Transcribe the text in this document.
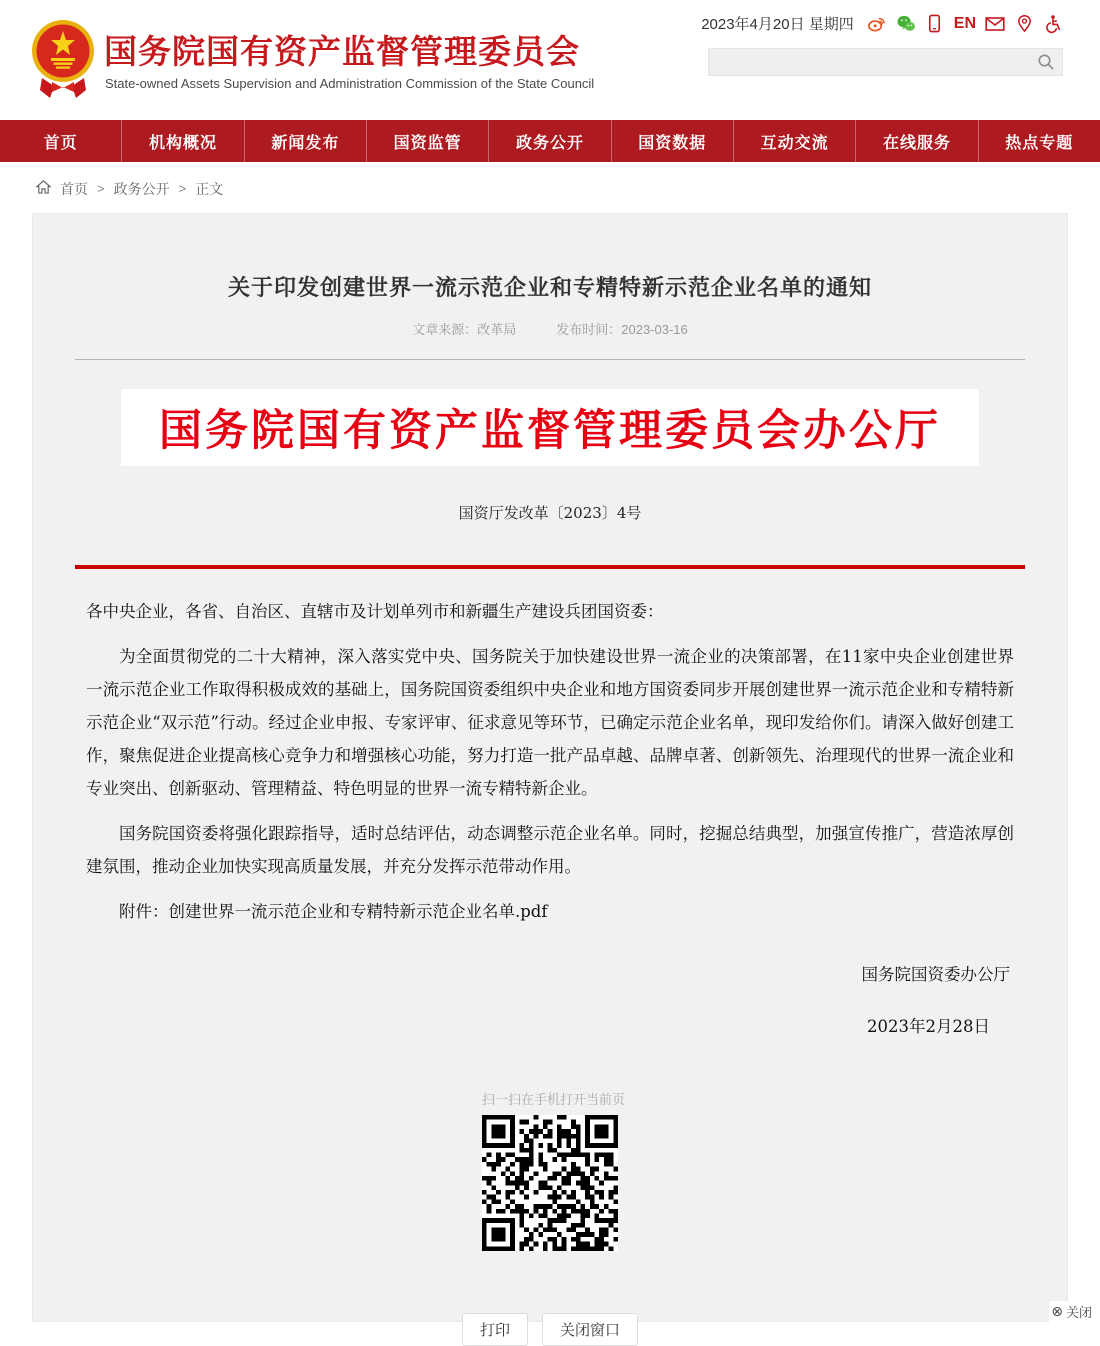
国务院国有资产监督管理委员会
State-owned Assets Supervision and Administration Commission of the State Council
2023年4月20日 星期四	EN
首页	机构概况	新闻发布	国资监管	政务公开	国资数据	互动交流	在线服务	热点专题
首页 > 政务公开 > 正文
关于印发创建世界一流示范企业和专精特新示范企业名单的通知
文章来源：改革局	发布时间：2023-03-16
国务院国有资产监督管理委员会办公厅
国资厅发改革〔2023〕4号

各中央企业，各省、自治区、直辖市及计划单列市和新疆生产建设兵团国资委：

为全面贯彻党的二十大精神，深入落实党中央、国务院关于加快建设世界一流企业的决策部署，在11家中央企业创建世界一流示范企业工作取得积极成效的基础上，国务院国资委组织中央企业和地方国资委同步开展创建世界一流示范企业和专精特新示范企业“双示范”行动。经过企业申报、专家评审、征求意见等环节，已确定示范企业名单，现印发给你们。请深入做好创建工作，聚焦促进企业提高核心竞争力和增强核心功能，努力打造一批产品卓越、品牌卓著、创新领先、治理现代的世界一流企业和专业突出、创新驱动、管理精益、特色明显的世界一流专精特新企业。

国务院国资委将强化跟踪指导，适时总结评估，动态调整示范企业名单。同时，挖掘总结典型，加强宣传推广，营造浓厚创建氛围，推动企业加快实现高质量发展，并充分发挥示范带动作用。

附件：创建世界一流示范企业和专精特新示范企业名单.pdf

国务院国资委办公厅
2023年2月28日
扫一扫在手机打开当前页
打印	关闭窗口
⊗ 关闭
